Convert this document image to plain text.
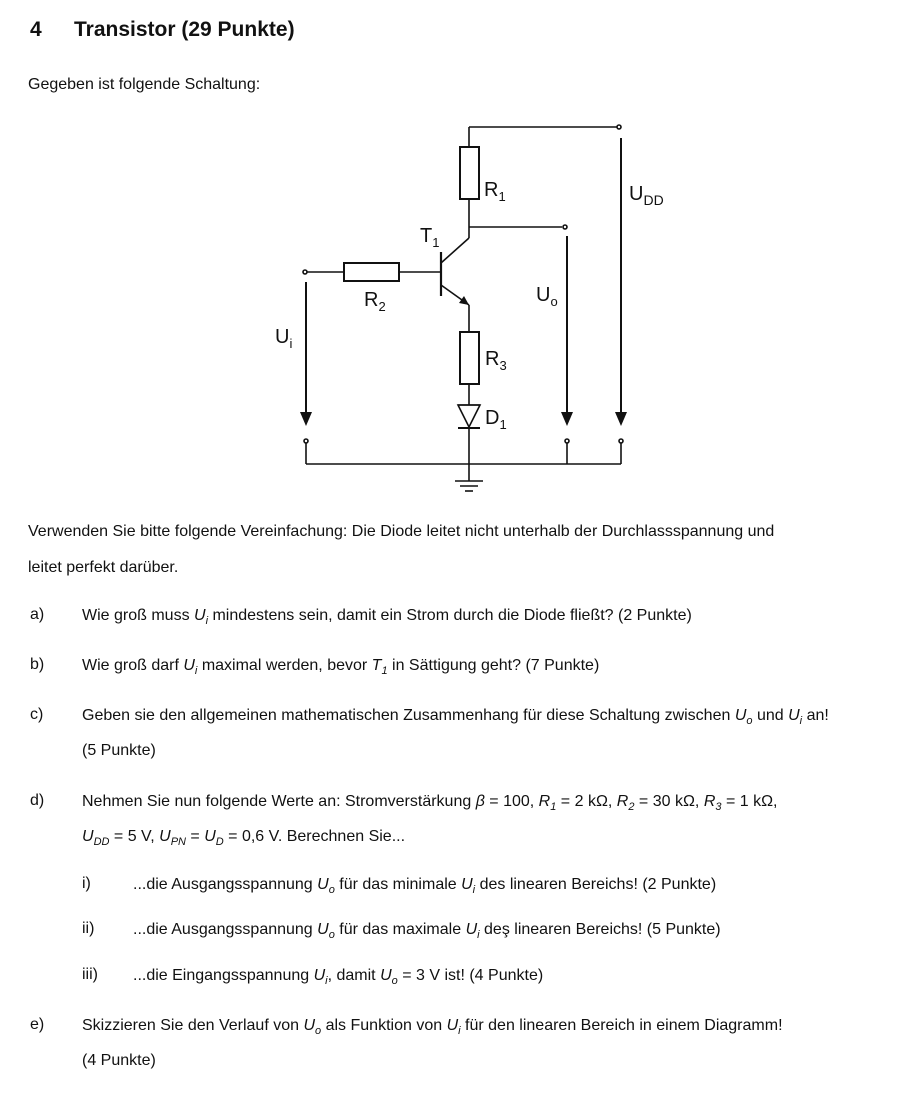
4 Transistor (29 Punkte)
Gegeben ist folgende Schaltung:
$R_1$	$U_{DD}$
$T_1$
$R_2$
$U_o$
$U_i$
$R_3$
$D_1$
Verwenden Sie bitte folgende Vereinfachung: Die Diode leitet nicht unterhalb der Durchlassspannung und
leitet perfekt darüber.
a) Wie groß muss $U_i$ mindestens sein, damit ein Strom durch die Diode fließt? (2 Punkte)
b) Wie groß darf $U_i$ maximal werden, bevor $T_1$ in Sättigung geht? (7 Punkte)
c) Geben sie den allgemeinen mathematischen Zusammenhang für diese Schaltung zwischen $U_o$ und $U_i$ an!
(5 Punkte)
d) Nehmen Sie nun folgende Werte an: Stromverstärkung β = 100, $R_1 = 2$ kΩ, $R_2 = 30$ kΩ, $R_3 = 1$ kΩ,
$U_{DD} = 5$ V, $U_{PN} = U_D = 0,6$ V. Berechnen Sie...
i)	...die Ausgangsspannung $U_o$ für das minimale $U_i$ des linearen Bereichs! (2 Punkte)
ii) ...die Ausgangsspannung $U_o$ für das maximale $U_i$ deş linearen Bereichs! (5 Punkte)
iii) ...die Eingangsspannung $U_i$, damit $U_o = 3$ V ist! (4 Punkte)
e) Skizzieren Sie den Verlauf von $U_o$ als Funktion von $U_i$ für den linearen Bereich in einem Diagramm!
(4 Punkte)
